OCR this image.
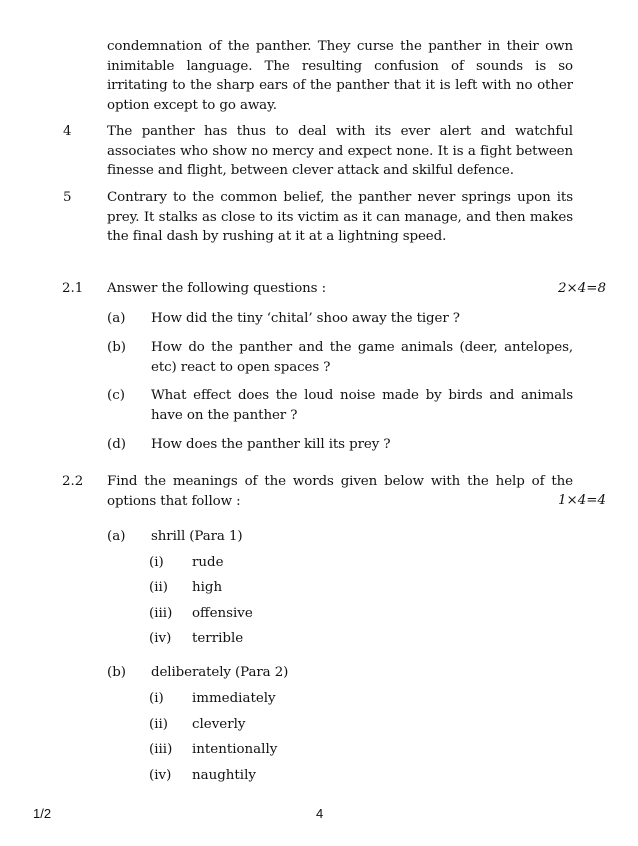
condemnation of the panther. They curse the panther in their own inimitable language. The resulting confusion of sounds is so irritating to the sharp ears of the panther that it is left with no other option except to go away.
4	The panther has thus to deal with its ever alert and watchful associates who show no mercy and expect none. It is a fight between finesse and flight, between clever attack and skilful defence.
5	Contrary to the common belief, the panther never springs upon its prey. It stalks as close to its victim as it can manage, and then makes the final dash by rushing at it at a lightning speed.
2.1 Answer the following questions :	2×4=8
(a) How did the tiny ‘chital’ shoo away the tiger ?
(b) How do the panther and the game animals (deer, antelopes, etc) react to open spaces ?
(c) What effect does the loud noise made by birds and animals have on the panther ?
(d) How does the panther kill its prey ?
2.2 Find the meanings of the words given below with the help of the options that follow :	1×4=4
(a) shrill (Para 1)
(i) rude
(ii) high
(iii) offensive
(iv) terrible
(b) deliberately (Para 2)
(i) immediately
(ii) cleverly
(iii) intentionally
(iv) naughtily
1/2	4
